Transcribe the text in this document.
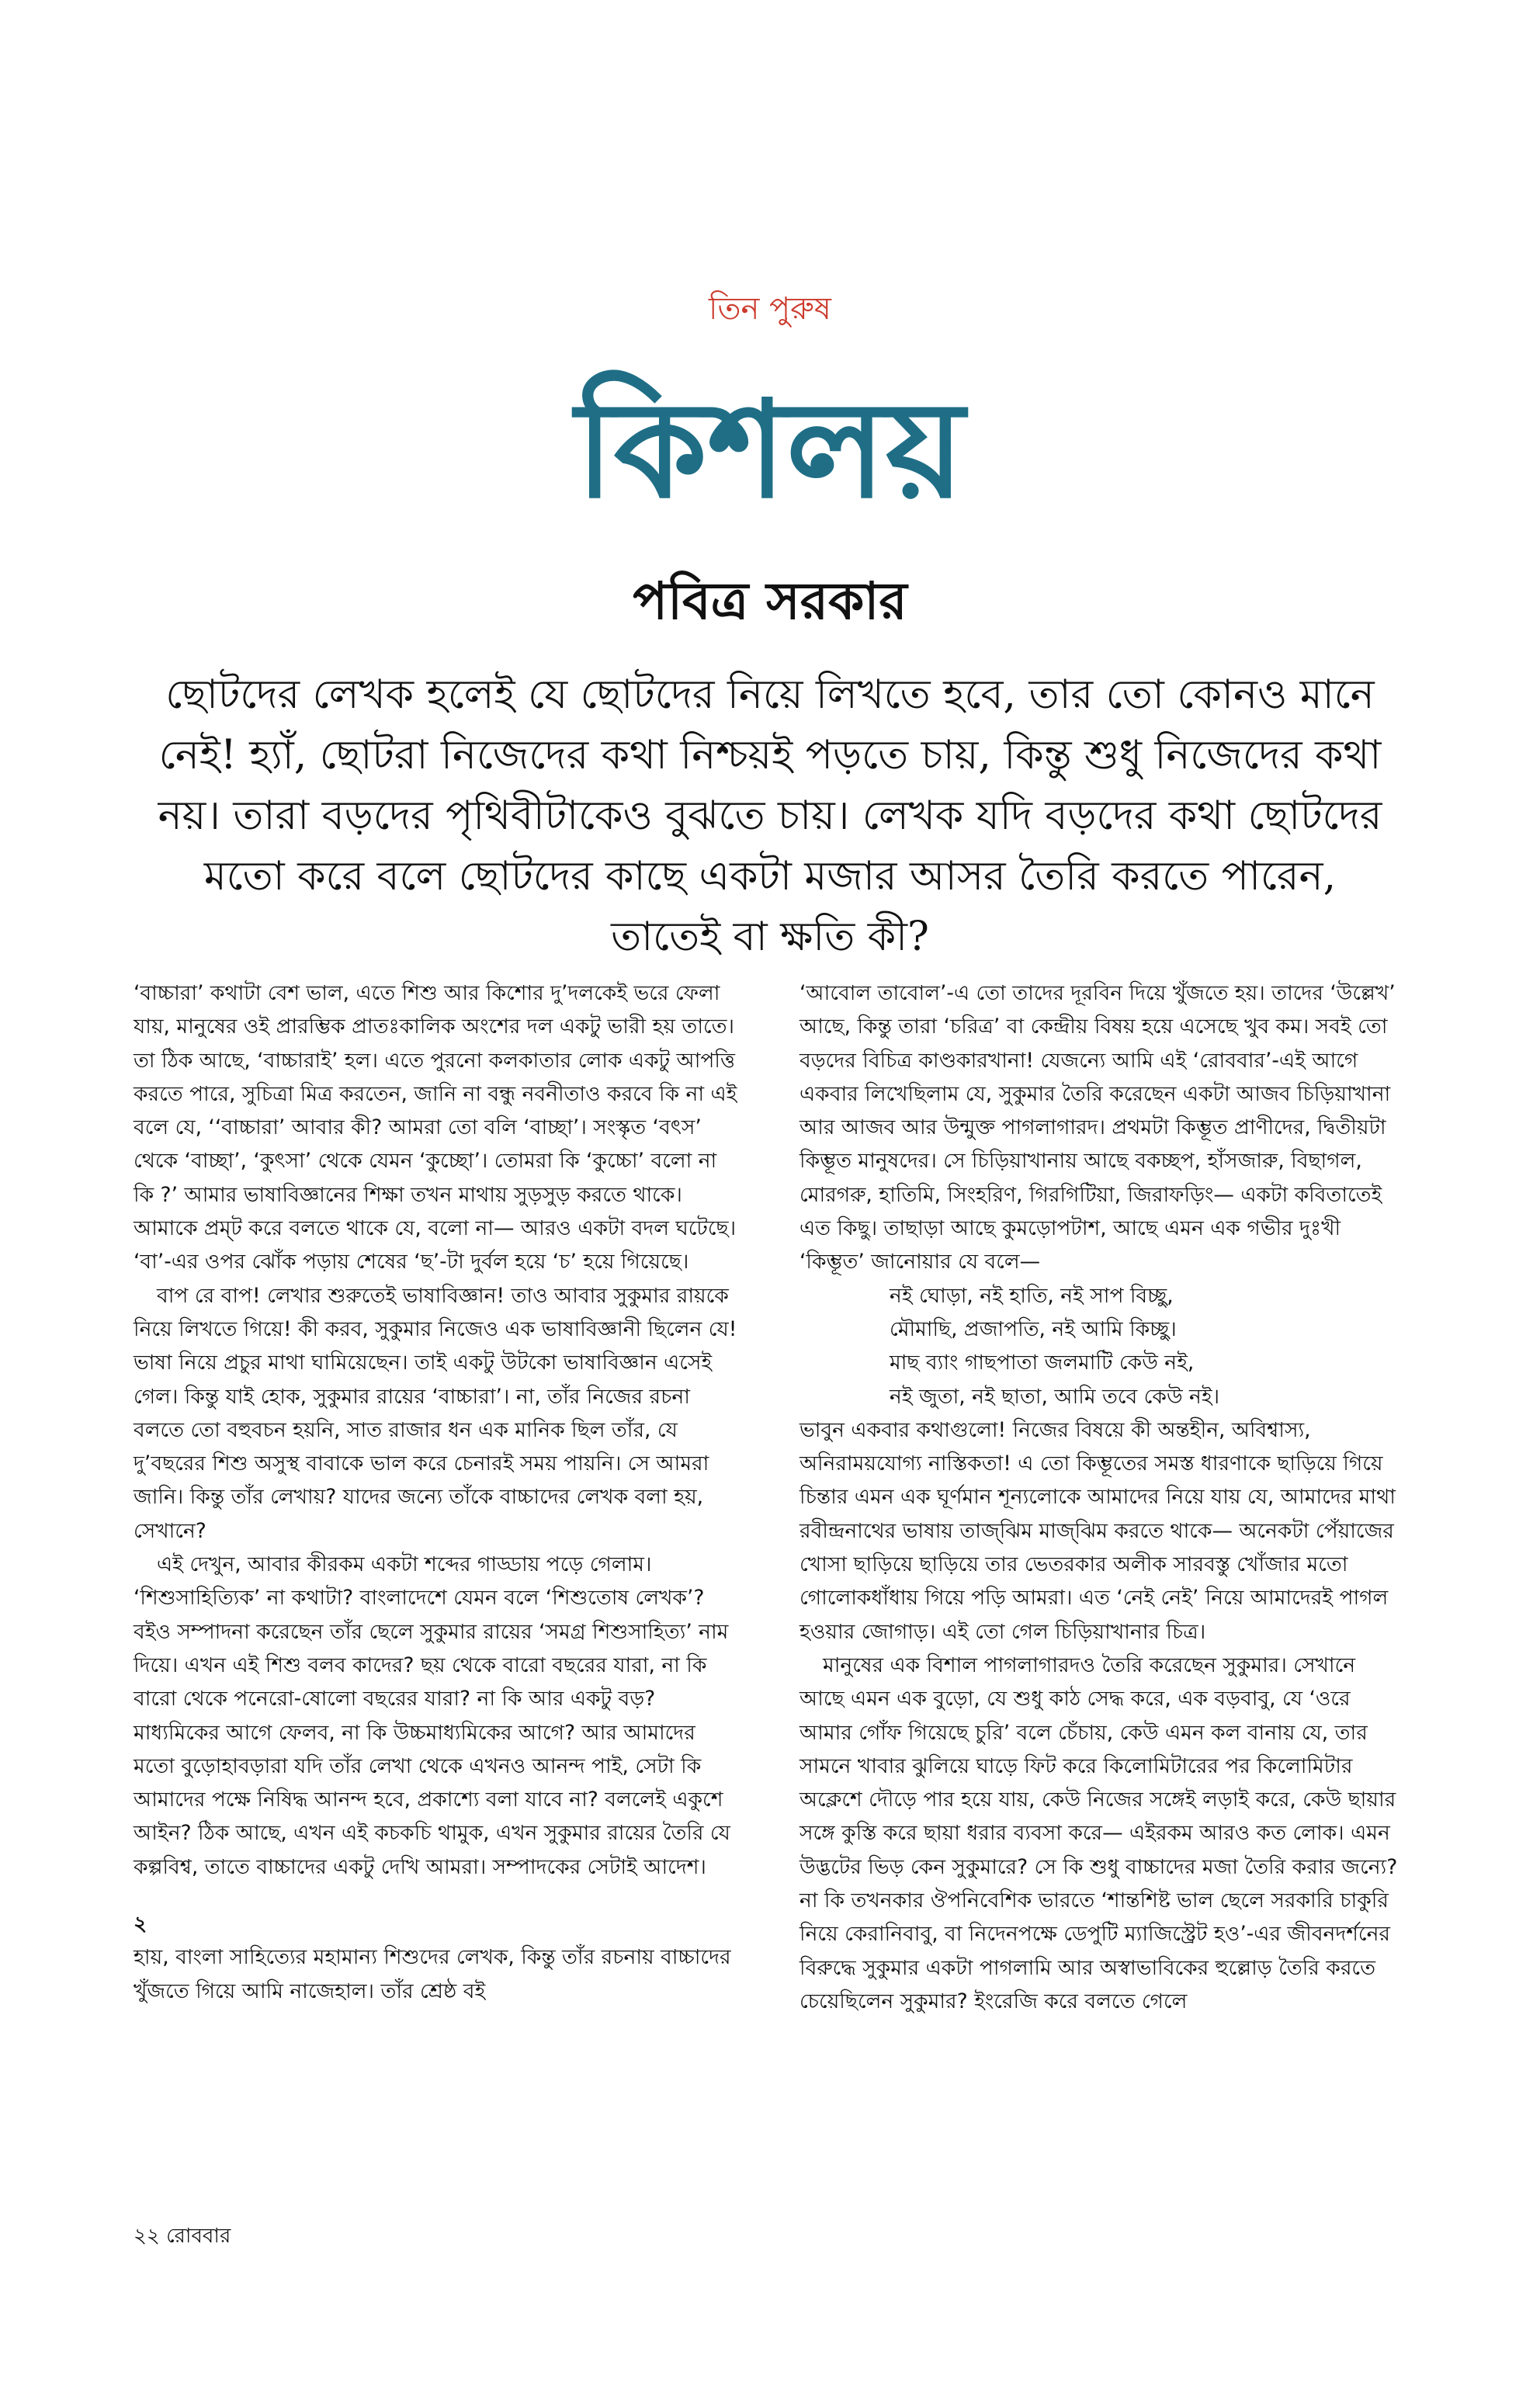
তিন পুরুষ
কিশলয়
পবিত্র সরকার
ছোটদের লেখক হলেই যে ছোটদের নিয়ে লিখতে হবে, তার তো কোনও মানে নেই! হ্যাঁ, ছোটরা নিজেদের কথা নিশ্চয়ই পড়তে চায়, কিন্তু শুধু নিজেদের কথা নয়। তারা বড়দের পৃথিবীটাকেও বুঝতে চায়। লেখক যদি বড়দের কথা ছোটদের মতো করে বলে ছোটদের কাছে একটা মজার আসর তৈরি করতে পারেন, তাতেই বা ক্ষতি কী?

‘বাচ্চারা’ কথাটা বেশ ভাল, এতে শিশু আর কিশোর দু’দলকেই ভরে ফেলা যায়, মানুষের ওই প্রারম্ভিক প্রাতঃকালিক অংশের দল একটু ভারী হয় তাতে। তা ঠিক আছে, ‘বাচ্চারাই’ হল। এতে পুরনো কলকাতার লোক একটু আপত্তি করতে পারে, সুচিত্রা মিত্র করতেন, জানি না বন্ধু নবনীতাও করবে কি না এই বলে যে, ‘‘বাচ্চারা’ আবার কী? আমরা তো বলি ‘বাচ্ছা’। সংস্কৃত ‘বৎস’ থেকে ‘বাচ্ছা’, ‘কুৎসা’ থেকে যেমন ‘কুচ্ছো’। তোমরা কি ‘কুচ্চো’ বলো না কি ?’ আমার ভাষাবিজ্ঞানের শিক্ষা তখন মাথায় সুড়সুড় করতে থাকে। আমাকে প্রম্‌ট করে বলতে থাকে যে, বলো না— আরও একটা বদল ঘটেছে। ‘বা’-এর ওপর ঝোঁক পড়ায় শেষের ‘ছ’-টা দুর্বল হয়ে ‘চ’ হয়ে গিয়েছে।

বাপ রে বাপ! লেখার শুরুতেই ভাষাবিজ্ঞান! তাও আবার সুকুমার রায়কে নিয়ে লিখতে গিয়ে! কী করব, সুকুমার নিজেও এক ভাষাবিজ্ঞানী ছিলেন যে! ভাষা নিয়ে প্রচুর মাথা ঘামিয়েছেন। তাই একটু উটকো ভাষাবিজ্ঞান এসেই গেল। কিন্তু যাই হোক, সুকুমার রায়ের ‘বাচ্চারা’। না, তাঁর নিজের রচনা বলতে তো বহুবচন হয়নি, সাত রাজার ধন এক মানিক ছিল তাঁর, যে দু’বছরের শিশু অসুস্থ বাবাকে ভাল করে চেনারই সময় পায়নি। সে আমরা জানি। কিন্তু তাঁর লেখায়? যাদের জন্যে তাঁকে বাচ্চাদের লেখক বলা হয়, সেখানে?

এই দেখুন, আবার কীরকম একটা শব্দের গাড্ডায় পড়ে গেলাম। ‘শিশুসাহিত্যিক’ না কথাটা? বাংলাদেশে যেমন বলে ‘শিশুতোষ লেখক’? বইও সম্পাদনা করেছেন তাঁর ছেলে সুকুমার রায়ের ‘সমগ্র শিশুসাহিত্য’ নাম দিয়ে। এখন এই শিশু বলব কাদের? ছয় থেকে বারো বছরের যারা, না কি বারো থেকে পনেরো-ষোলো বছরের যারা? না কি আর একটু বড়? মাধ্যমিকের আগে ফেলব, না কি উচ্চমাধ্যমিকের আগে? আর আমাদের মতো বুড়োহাবড়ারা যদি তাঁর লেখা থেকে এখনও আনন্দ পাই, সেটা কি আমাদের পক্ষে নিষিদ্ধ আনন্দ হবে, প্রকাশ্যে বলা যাবে না? বললেই একুশে আইন? ঠিক আছে, এখন এই কচকচি থামুক, এখন সুকুমার রায়ের তৈরি যে কল্পবিশ্ব, তাতে বাচ্চাদের একটু দেখি আমরা। সম্পাদকের সেটাই আদেশ।

২

হায়, বাংলা সাহিত্যের মহামান্য শিশুদের লেখক, কিন্তু তাঁর রচনায় বাচ্চাদের খুঁজতে গিয়ে আমি নাজেহাল। তাঁর শ্রেষ্ঠ বই

‘আবোল তাবোল’-এ তো তাদের দূরবিন দিয়ে খুঁজতে হয়। তাদের ‘উল্লেখ’ আছে, কিন্তু তারা ‘চরিত্র’ বা কেন্দ্রীয় বিষয় হয়ে এসেছে খুব কম। সবই তো বড়দের বিচিত্র কাণ্ডকারখানা! যেজন্যে আমি এই ‘রোববার’-এই আগে একবার লিখেছিলাম যে, সুকুমার তৈরি করেছেন একটা আজব চিড়িয়াখানা আর আজব আর উন্মুক্ত পাগলাগারদ। প্রথমটা কিম্ভূত প্রাণীদের, দ্বিতীয়টা কিম্ভূত মানুষদের। সে চিড়িয়াখানায় আছে বকচ্ছপ, হাঁসজারু, বিছাগল, মোরগরু, হাতিমি, সিংহরিণ, গিরগিটিয়া, জিরাফড়িং— একটা কবিতাতেই এত কিছু। তাছাড়া আছে কুমড়োপটাশ, আছে এমন এক গভীর দুঃখী ‘কিম্ভূত’ জানোয়ার যে বলে—

নই ঘোড়া, নই হাতি, নই সাপ বিচ্ছু,

মৌমাছি, প্রজাপতি, নই আমি কিচ্ছু।

মাছ ব্যাং গাছপাতা জলমাটি কেউ নই,

নই জুতা, নই ছাতা, আমি তবে কেউ নই।

ভাবুন একবার কথাগুলো! নিজের বিষয়ে কী অন্তহীন, অবিশ্বাস্য, অনিরাময়যোগ্য নাস্তিকতা! এ তো কিম্ভূতের সমস্ত ধারণাকে ছাড়িয়ে গিয়ে চিন্তার এমন এক ঘূর্ণমান শূন্যলোকে আমাদের নিয়ে যায় যে, আমাদের মাথা রবীন্দ্রনাথের ভাষায় তাজ্‌ঝিম মাজ্‌ঝিম করতে থাকে— অনেকটা পেঁয়াজের খোসা ছাড়িয়ে ছাড়িয়ে তার ভেতরকার অলীক সারবস্তু খোঁজার মতো গোলোকধাঁধায় গিয়ে পড়ি আমরা। এত ‘নেই নেই’ নিয়ে আমাদেরই পাগল হওয়ার জোগাড়। এই তো গেল চিড়িয়াখানার চিত্র।

মানুষের এক বিশাল পাগলাগারদও তৈরি করেছেন সুকুমার। সেখানে আছে এমন এক বুড়ো, যে শুধু কাঠ সেদ্ধ করে, এক বড়বাবু, যে ‘ওরে আমার গোঁফ গিয়েছে চুরি’ বলে চেঁচায়, কেউ এমন কল বানায় যে, তার সামনে খাবার ঝুলিয়ে ঘাড়ে ফিট করে কিলোমিটারের পর কিলোমিটার অক্লেশে দৌড়ে পার হয়ে যায়, কেউ নিজের সঙ্গেই লড়াই করে, কেউ ছায়ার সঙ্গে কুস্তি করে ছায়া ধরার ব্যবসা করে— এইরকম আরও কত লোক। এমন উদ্ভটের ভিড় কেন সুকুমারে? সে কি শুধু বাচ্চাদের মজা তৈরি করার জন্যে? না কি তখনকার ঔপনিবেশিক ভারতে ‘শান্তশিষ্ট ভাল ছেলে সরকারি চাকুরি নিয়ে কেরানিবাবু, বা নিদেনপক্ষে ডেপুটি ম্যাজিস্ট্রেট হও’-এর জীবনদর্শনের বিরুদ্ধে সুকুমার একটা পাগলামি আর অস্বাভাবিকের হুল্লোড় তৈরি করতে চেয়েছিলেন সুকুমার? ইংরেজি করে বলতে গেলে

২২ রোববার
